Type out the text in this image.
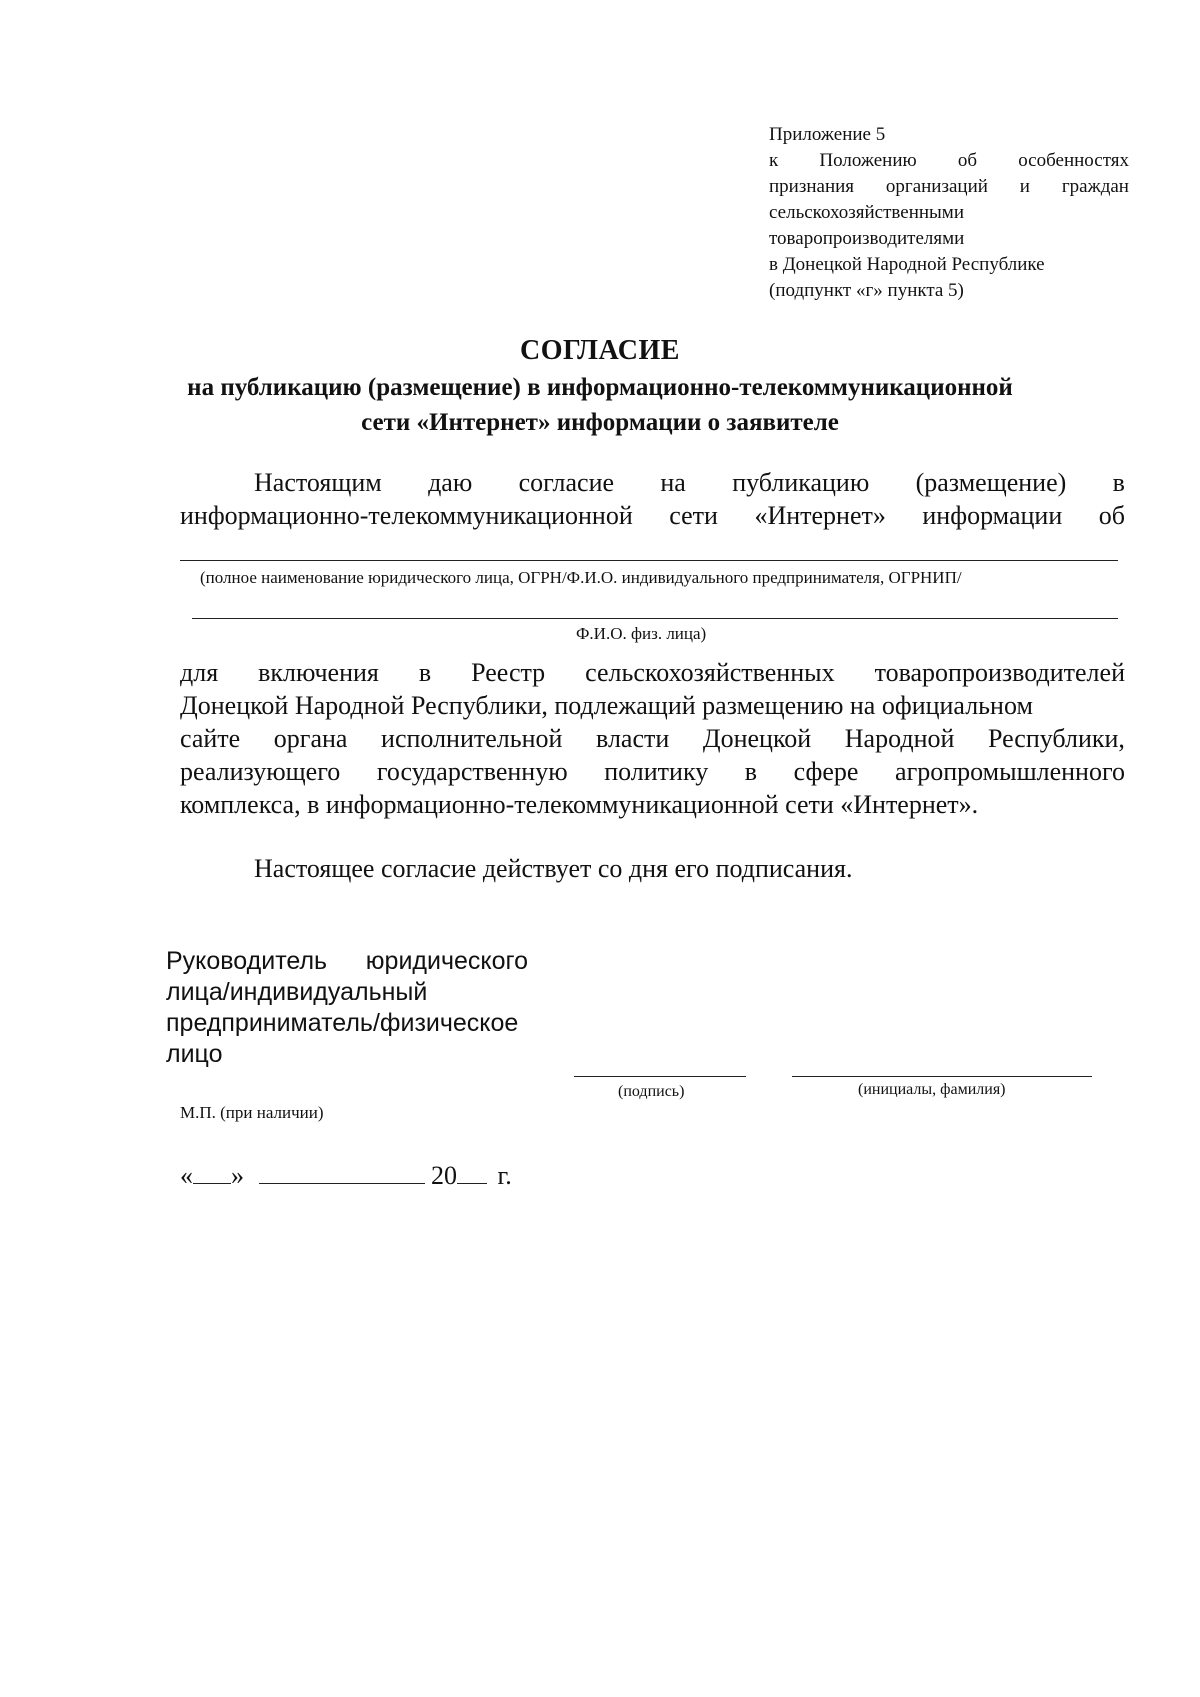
Приложение 5
к Положению об особенностях
признания организаций и граждан
сельскохозяйственными
товаропроизводителями
в Донецкой Народной Республике
(подпункт «г» пункта 5)
СОГЛАСИЕ
на публикацию (размещение) в информационно-телекоммуникационной
сети «Интернет» информации о заявителе
Настоящим даю согласие на публикацию (размещение) в
информационно-телекоммуникационной сети «Интернет» информации об
(полное наименование юридического лица, ОГРН/Ф.И.О. индивидуального предпринимателя, ОГРНИП/
Ф.И.О. физ. лица)
для включения в Реестр сельскохозяйственных товаропроизводителей
Донецкой Народной Республики, подлежащий размещению на официальном
сайте органа исполнительной власти Донецкой Народной Республики,
реализующего государственную политику в сфере агропромышленного
комплекса, в информационно-телекоммуникационной сети «Интернет».
Настоящее согласие действует со дня его подписания.
Руководитель юридического
лица/индивидуальный
предприниматель/физическое
лицо
(подпись)	(инициалы, фамилия)
М.П. (при наличии)
« »	20 г.
